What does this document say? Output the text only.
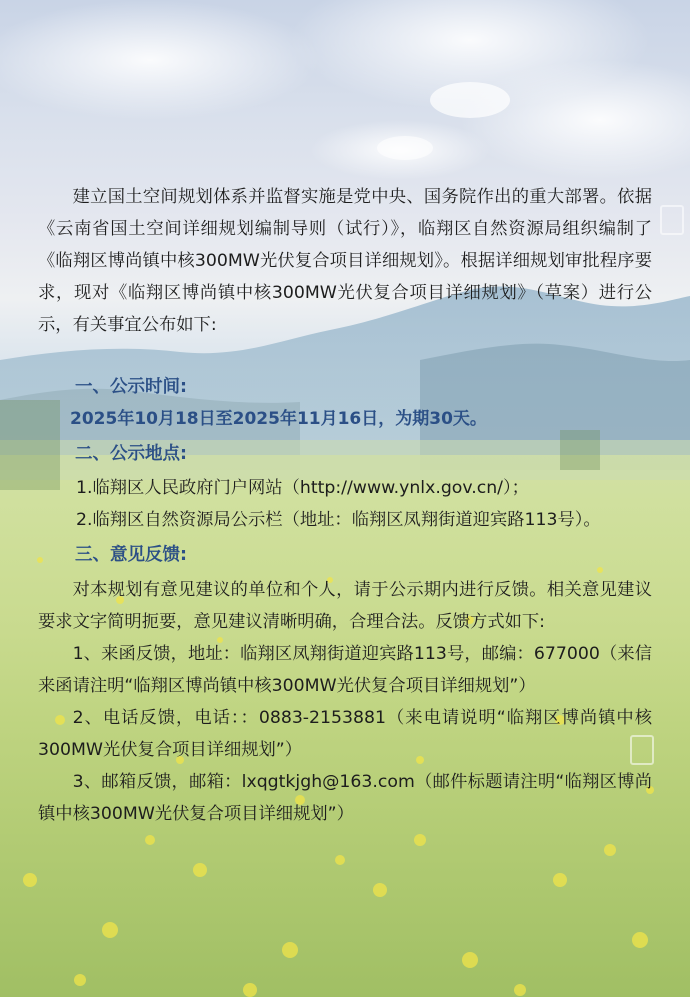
建立国土空间规划体系并监督实施是党中央、国务院作出的重大部署。依据《云南省国土空间详细规划编制导则（试行）》，临翔区自然资源局组织编制了《临翔区博尚镇中核300MW光伏复合项目详细规划》。根据详细规划审批程序要求，现对《临翔区博尚镇中核300MW光伏复合项目详细规划》（草案）进行公示，有关事宜公布如下:

一、公示时间:
2025年10月18日至2025年11月16日，为期30天。
二、公示地点:
1.临翔区人民政府门户网站（http://www.ynlx.gov.cn/）；
2.临翔区自然资源局公示栏（地址：临翔区凤翔街道迎宾路113号）。
三、意见反馈:

对本规划有意见建议的单位和个人，请于公示期内进行反馈。相关意见建议要求文字简明扼要，意见建议清晰明确，合理合法。反馈方式如下:

1、来函反馈，地址：临翔区凤翔街道迎宾路113号，邮编：677000（来信来函请注明“临翔区博尚镇中核300MW光伏复合项目详细规划”）

2、电话反馈，电话：：0883-2153881（来电请说明“临翔区博尚镇中核300MW光伏复合项目详细规划”）

3、邮箱反馈，邮箱：lxqgtkjgh@163.com（邮件标题请注明“临翔区博尚镇中核300MW光伏复合项目详细规划”）
